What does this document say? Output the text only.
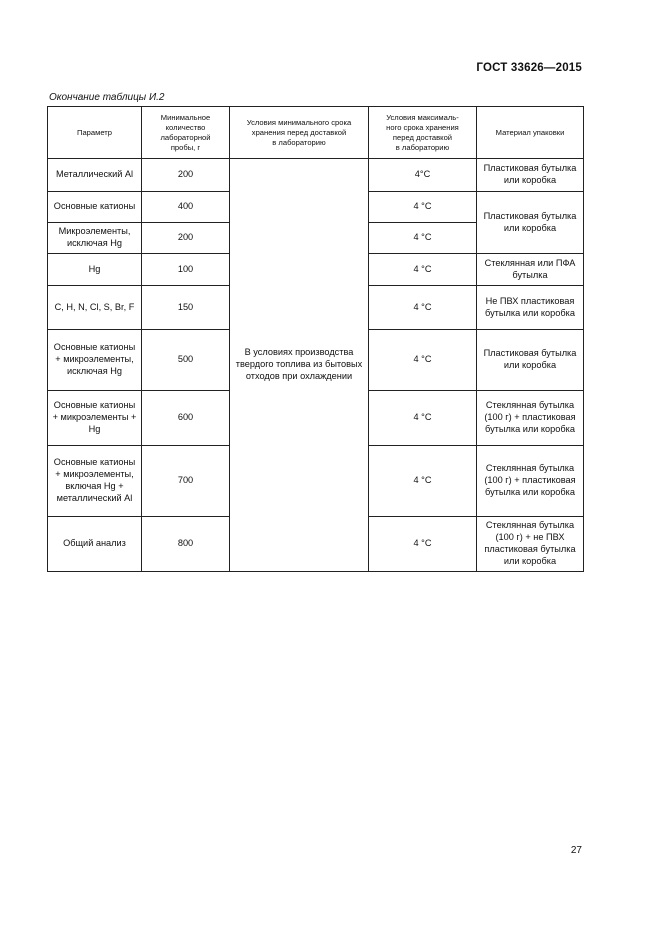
ГОСТ 33626—2015
Окончание таблицы И.2
Параметр	Минимальное
количество
лабораторной
пробы, г	Условия минимального срока
хранения перед доставкой
в лабораторию	Условия максималь-
ного срока хранения
перед доставкой
в лабораторию	Материал упаковки

Металлический Al	200	В условиях производства твердого топлива из бытовых отходов при охлаждении	4°C	Пластиковая бутылка или коробка
Основные катионы	400		4 °C	Пластиковая бутылка или коробка
Микроэлементы, исключая Hg	200		4 °C	
Hg	100		4 °C	Стеклянная или ПФА бутылка
С, Н, N, Cl, S, Br, F	150		4 °C	Не ПВХ пластиковая бутылка или коробка
Основные катионы + микроэлементы, исключая Hg	500		4 °C	Пластиковая бутылка или коробка
Основные катионы + микроэлементы + Hg	600		4 °C	Стеклянная бутылка (100 г) + пластиковая бутылка или коробка
Основные катионы + микроэлементы, включая Hg + металлический Al	700		4 °C	Стеклянная бутылка (100 г) + пластиковая бутылка или коробка
Общий анализ	800		4 °C	Стеклянная бутылка (100 г) + не ПВХ пластиковая бутылка или коробка
27
